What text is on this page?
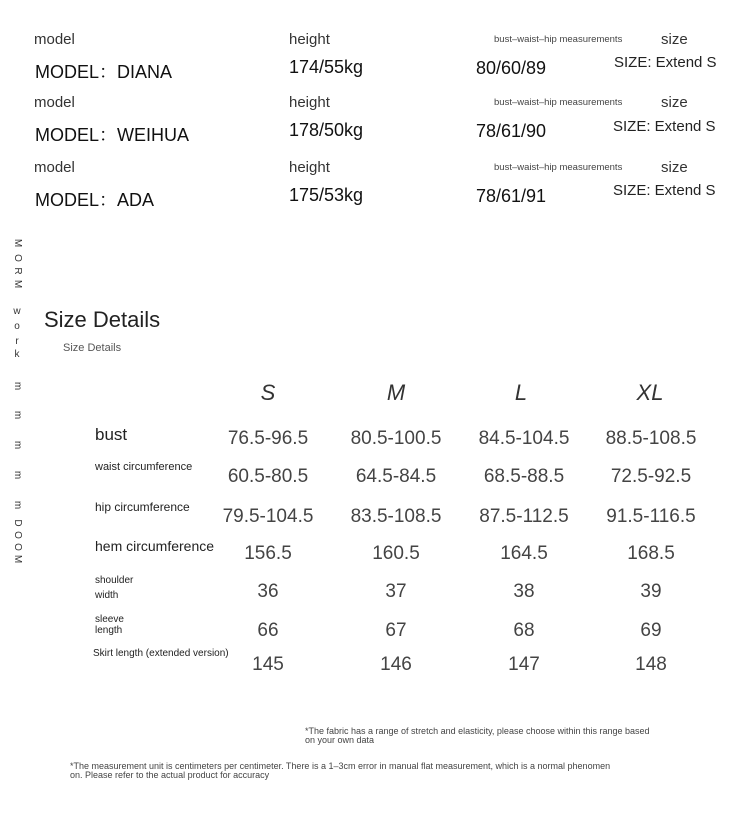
model	height	bust–waist–hip measurements	size
MODEL：DIANA	174/55kg	80/60/89	SIZE: Extend S
model	height	bust–waist–hip measurements	size
MODEL：WEIHUA	178/50kg	78/61/90	SIZE: Extend S
model	height	bust–waist–hip measurements	size
MODEL：ADA	175/53kg	78/61/91	SIZE: Extend S
M
O
R
M
w
o
r
k
m
m
m
m
m
D
O
O
M
Size Details
Size Details
S	M	L	XL
bust	76.5-96.5	80.5-100.5	84.5-104.5	88.5-108.5
waist circumference	60.5-80.5	64.5-84.5	68.5-88.5	72.5-92.5
hip circumference	79.5-104.5	83.5-108.5	87.5-112.5	91.5-116.5
hem circumference	156.5	160.5	164.5	168.5
shoulder
width	36	37	38	39
sleeve
length	66	67	68	69
Skirt length (extended version)
145	146	147	148
*The fabric has a range of stretch and elasticity, please choose within this range based
on your own data
*The measurement unit is centimeters per centimeter. There is a 1–3cm error in manual flat measurement, which is a normal phenomen
on. Please refer to the actual product for accuracy
